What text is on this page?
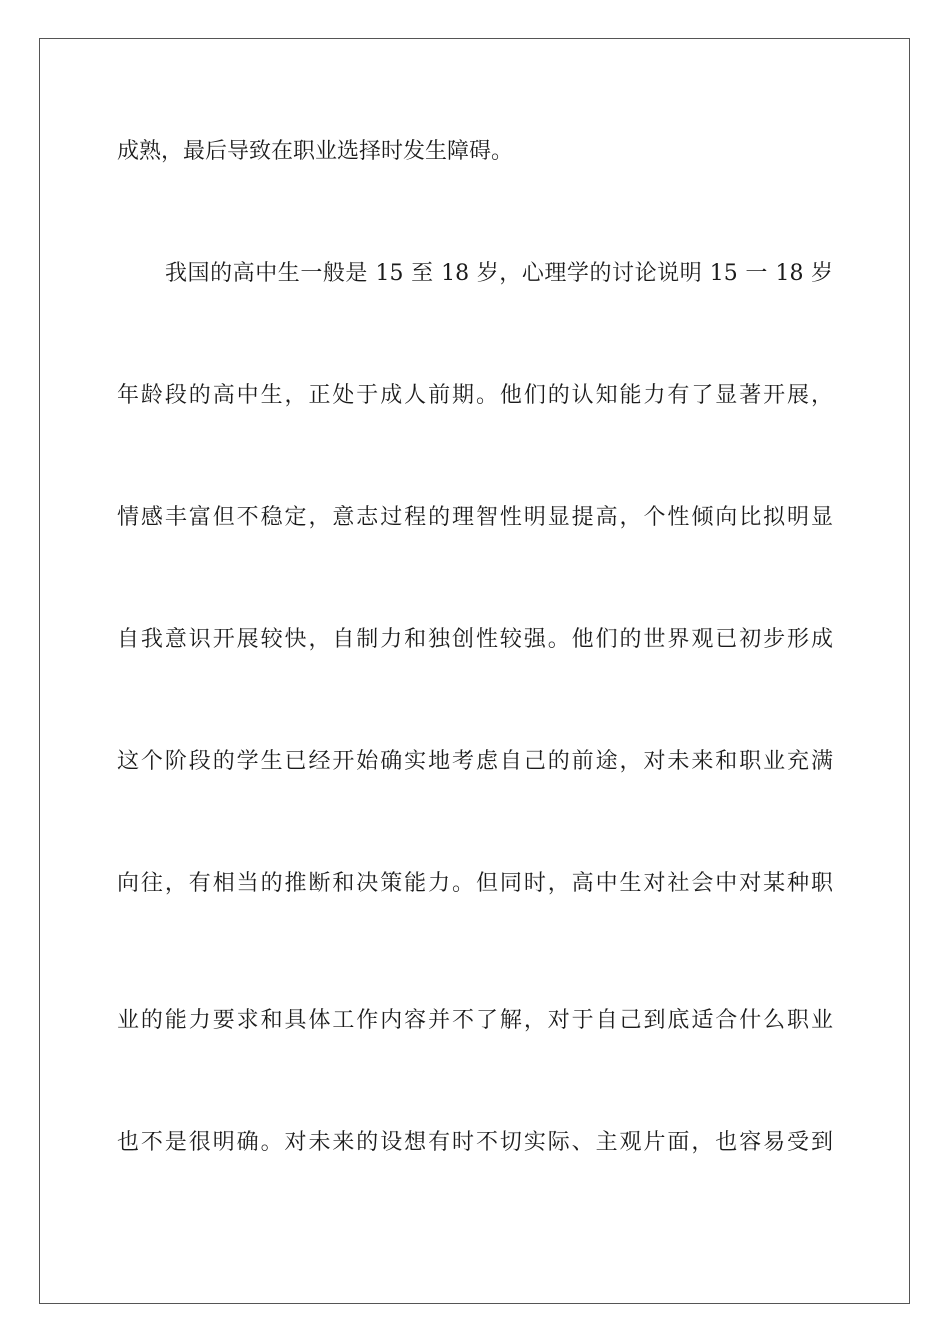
成熟，最后导致在职业选择时发生障碍。
我国的高中生一般是 15 至 18 岁，心理学的讨论说明 15 一 18 岁
年龄段的高中生，正处于成人前期。他们的认知能力有了显著开展，
情感丰富但不稳定，意志过程的理智性明显提高，个性倾向比拟明显
自我意识开展较快，自制力和独创性较强。他们的世界观已初步形成
这个阶段的学生已经开始确实地考虑自己的前途，对未来和职业充满
向往，有相当的推断和决策能力。但同时，高中生对社会中对某种职
业的能力要求和具体工作内容并不了解，对于自己到底适合什么职业
也不是很明确。对未来的设想有时不切实际、主观片面，也容易受到
